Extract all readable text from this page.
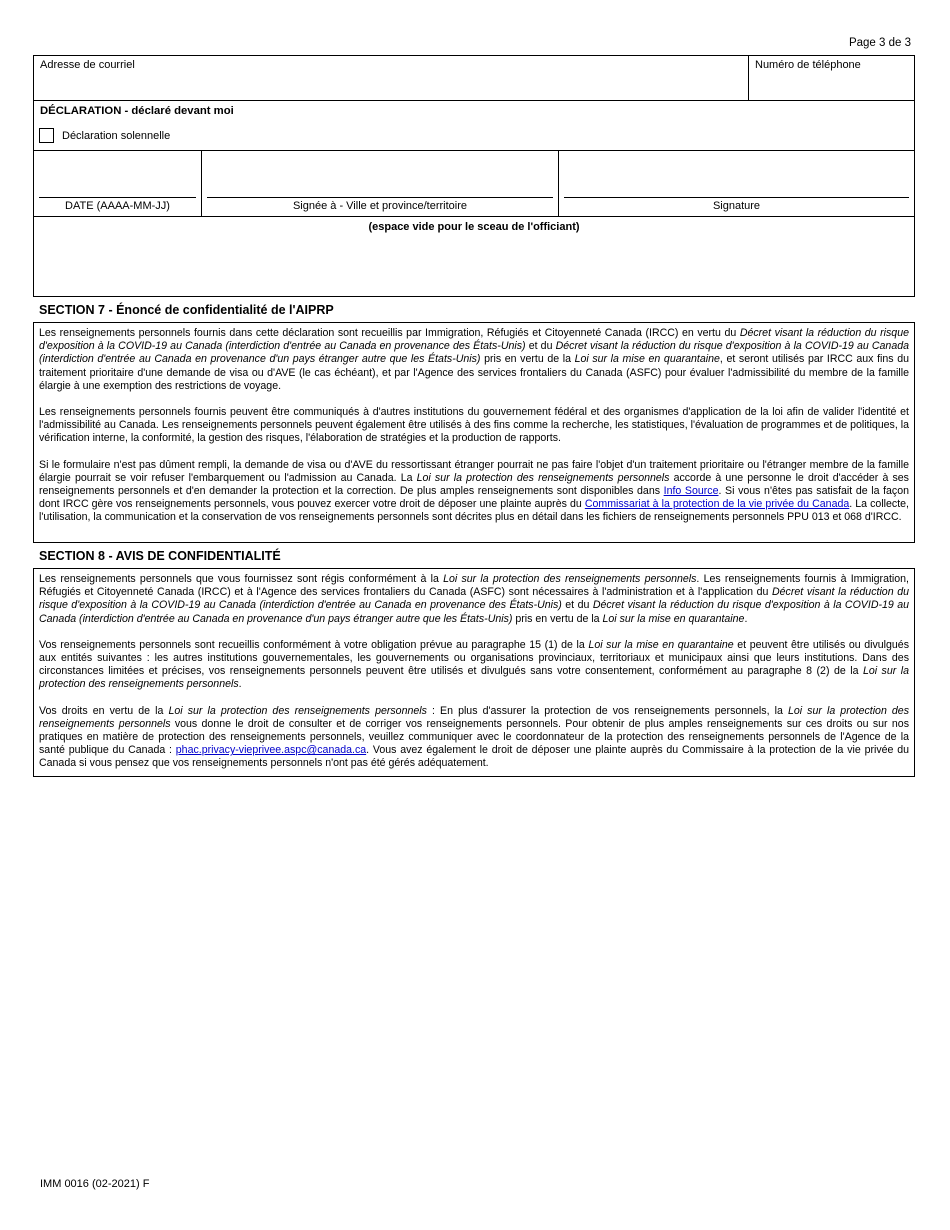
Page 3 de 3
Adresse de courriel	Numéro de téléphone
DÉCLARATION - déclaré devant moi
Déclaration solennelle
DATE (AAAA-MM-JJ)	Signée à - Ville et province/territoire	Signature
(espace vide pour le sceau de l'officiant)
SECTION 7 - Énoncé de confidentialité de l'AIPRP

Les renseignements personnels fournis dans cette déclaration sont recueillis par Immigration, Réfugiés et Citoyenneté Canada (IRCC) en vertu du Décret visant la réduction du risque d'exposition à la COVID-19 au Canada (interdiction d'entrée au Canada en provenance des États-Unis) et du Décret visant la réduction du risque d'exposition à la COVID-19 au Canada (interdiction d'entrée au Canada en provenance d'un pays étranger autre que les États-Unis) pris en vertu de la Loi sur la mise en quarantaine, et seront utilisés par IRCC aux fins du traitement prioritaire d'une demande de visa ou d'AVE (le cas échéant), et par l'Agence des services frontaliers du Canada (ASFC) pour évaluer l'admissibilité du membre de la famille élargie à une exemption des restrictions de voyage.

Les renseignements personnels fournis peuvent être communiqués à d'autres institutions du gouvernement fédéral et des organismes d'application de la loi afin de valider l'identité et l'admissibilité au Canada. Les renseignements personnels peuvent également être utilisés à des fins comme la recherche, les statistiques, l'évaluation de programmes et de politiques, la vérification interne, la conformité, la gestion des risques, l'élaboration de stratégies et la production de rapports.

Si le formulaire n'est pas dûment rempli, la demande de visa ou d'AVE du ressortissant étranger pourrait ne pas faire l'objet d'un traitement prioritaire ou l'étranger membre de la famille élargie pourrait se voir refuser l'embarquement ou l'admission au Canada. La Loi sur la protection des renseignements personnels accorde à une personne le droit d'accéder à ses renseignements personnels et d'en demander la protection et la correction. De plus amples renseignements sont disponibles dans Info Source. Si vous n'êtes pas satisfait de la façon dont IRCC gère vos renseignements personnels, vous pouvez exercer votre droit de déposer une plainte auprès du Commissariat à la protection de la vie privée du Canada. La collecte, l'utilisation, la communication et la conservation de vos renseignements personnels sont décrites plus en détail dans les fichiers de renseignements personnels PPU 013 et 068 d'IRCC.

SECTION 8 - AVIS DE CONFIDENTIALITÉ

Les renseignements personnels que vous fournissez sont régis conformément à la Loi sur la protection des renseignements personnels. Les renseignements fournis à Immigration, Réfugiés et Citoyenneté Canada (IRCC) et à l'Agence des services frontaliers du Canada (ASFC) sont nécessaires à l'administration et à l'application du Décret visant la réduction du risque d'exposition à la COVID-19 au Canada (interdiction d'entrée au Canada en provenance des États-Unis) et du Décret visant la réduction du risque d'exposition à la COVID-19 au Canada (interdiction d'entrée au Canada en provenance d'un pays étranger autre que les États-Unis) pris en vertu de la Loi sur la mise en quarantaine.

Vos renseignements personnels sont recueillis conformément à votre obligation prévue au paragraphe 15 (1) de la Loi sur la mise en quarantaine et peuvent être utilisés ou divulgués aux entités suivantes : les autres institutions gouvernementales, les gouvernements ou organisations provinciaux, territoriaux et municipaux ainsi que leurs institutions. Dans des circonstances limitées et précises, vos renseignements personnels peuvent être utilisés et divulgués sans votre consentement, conformément au paragraphe 8 (2) de la Loi sur la protection des renseignements personnels.

Vos droits en vertu de la Loi sur la protection des renseignements personnels : En plus d'assurer la protection de vos renseignements personnels, la Loi sur la protection des renseignements personnels vous donne le droit de consulter et de corriger vos renseignements personnels. Pour obtenir de plus amples renseignements sur ces droits ou sur nos pratiques en matière de protection des renseignements personnels, veuillez communiquer avec le coordonnateur de la protection des renseignements personnels de l'Agence de la santé publique du Canada : phac.privacy-vieprivee.aspc@canada.ca. Vous avez également le droit de déposer une plainte auprès du Commissaire à la protection de la vie privée du Canada si vous pensez que vos renseignements personnels n'ont pas été gérés adéquatement.

IMM 0016 (02-2021) F
